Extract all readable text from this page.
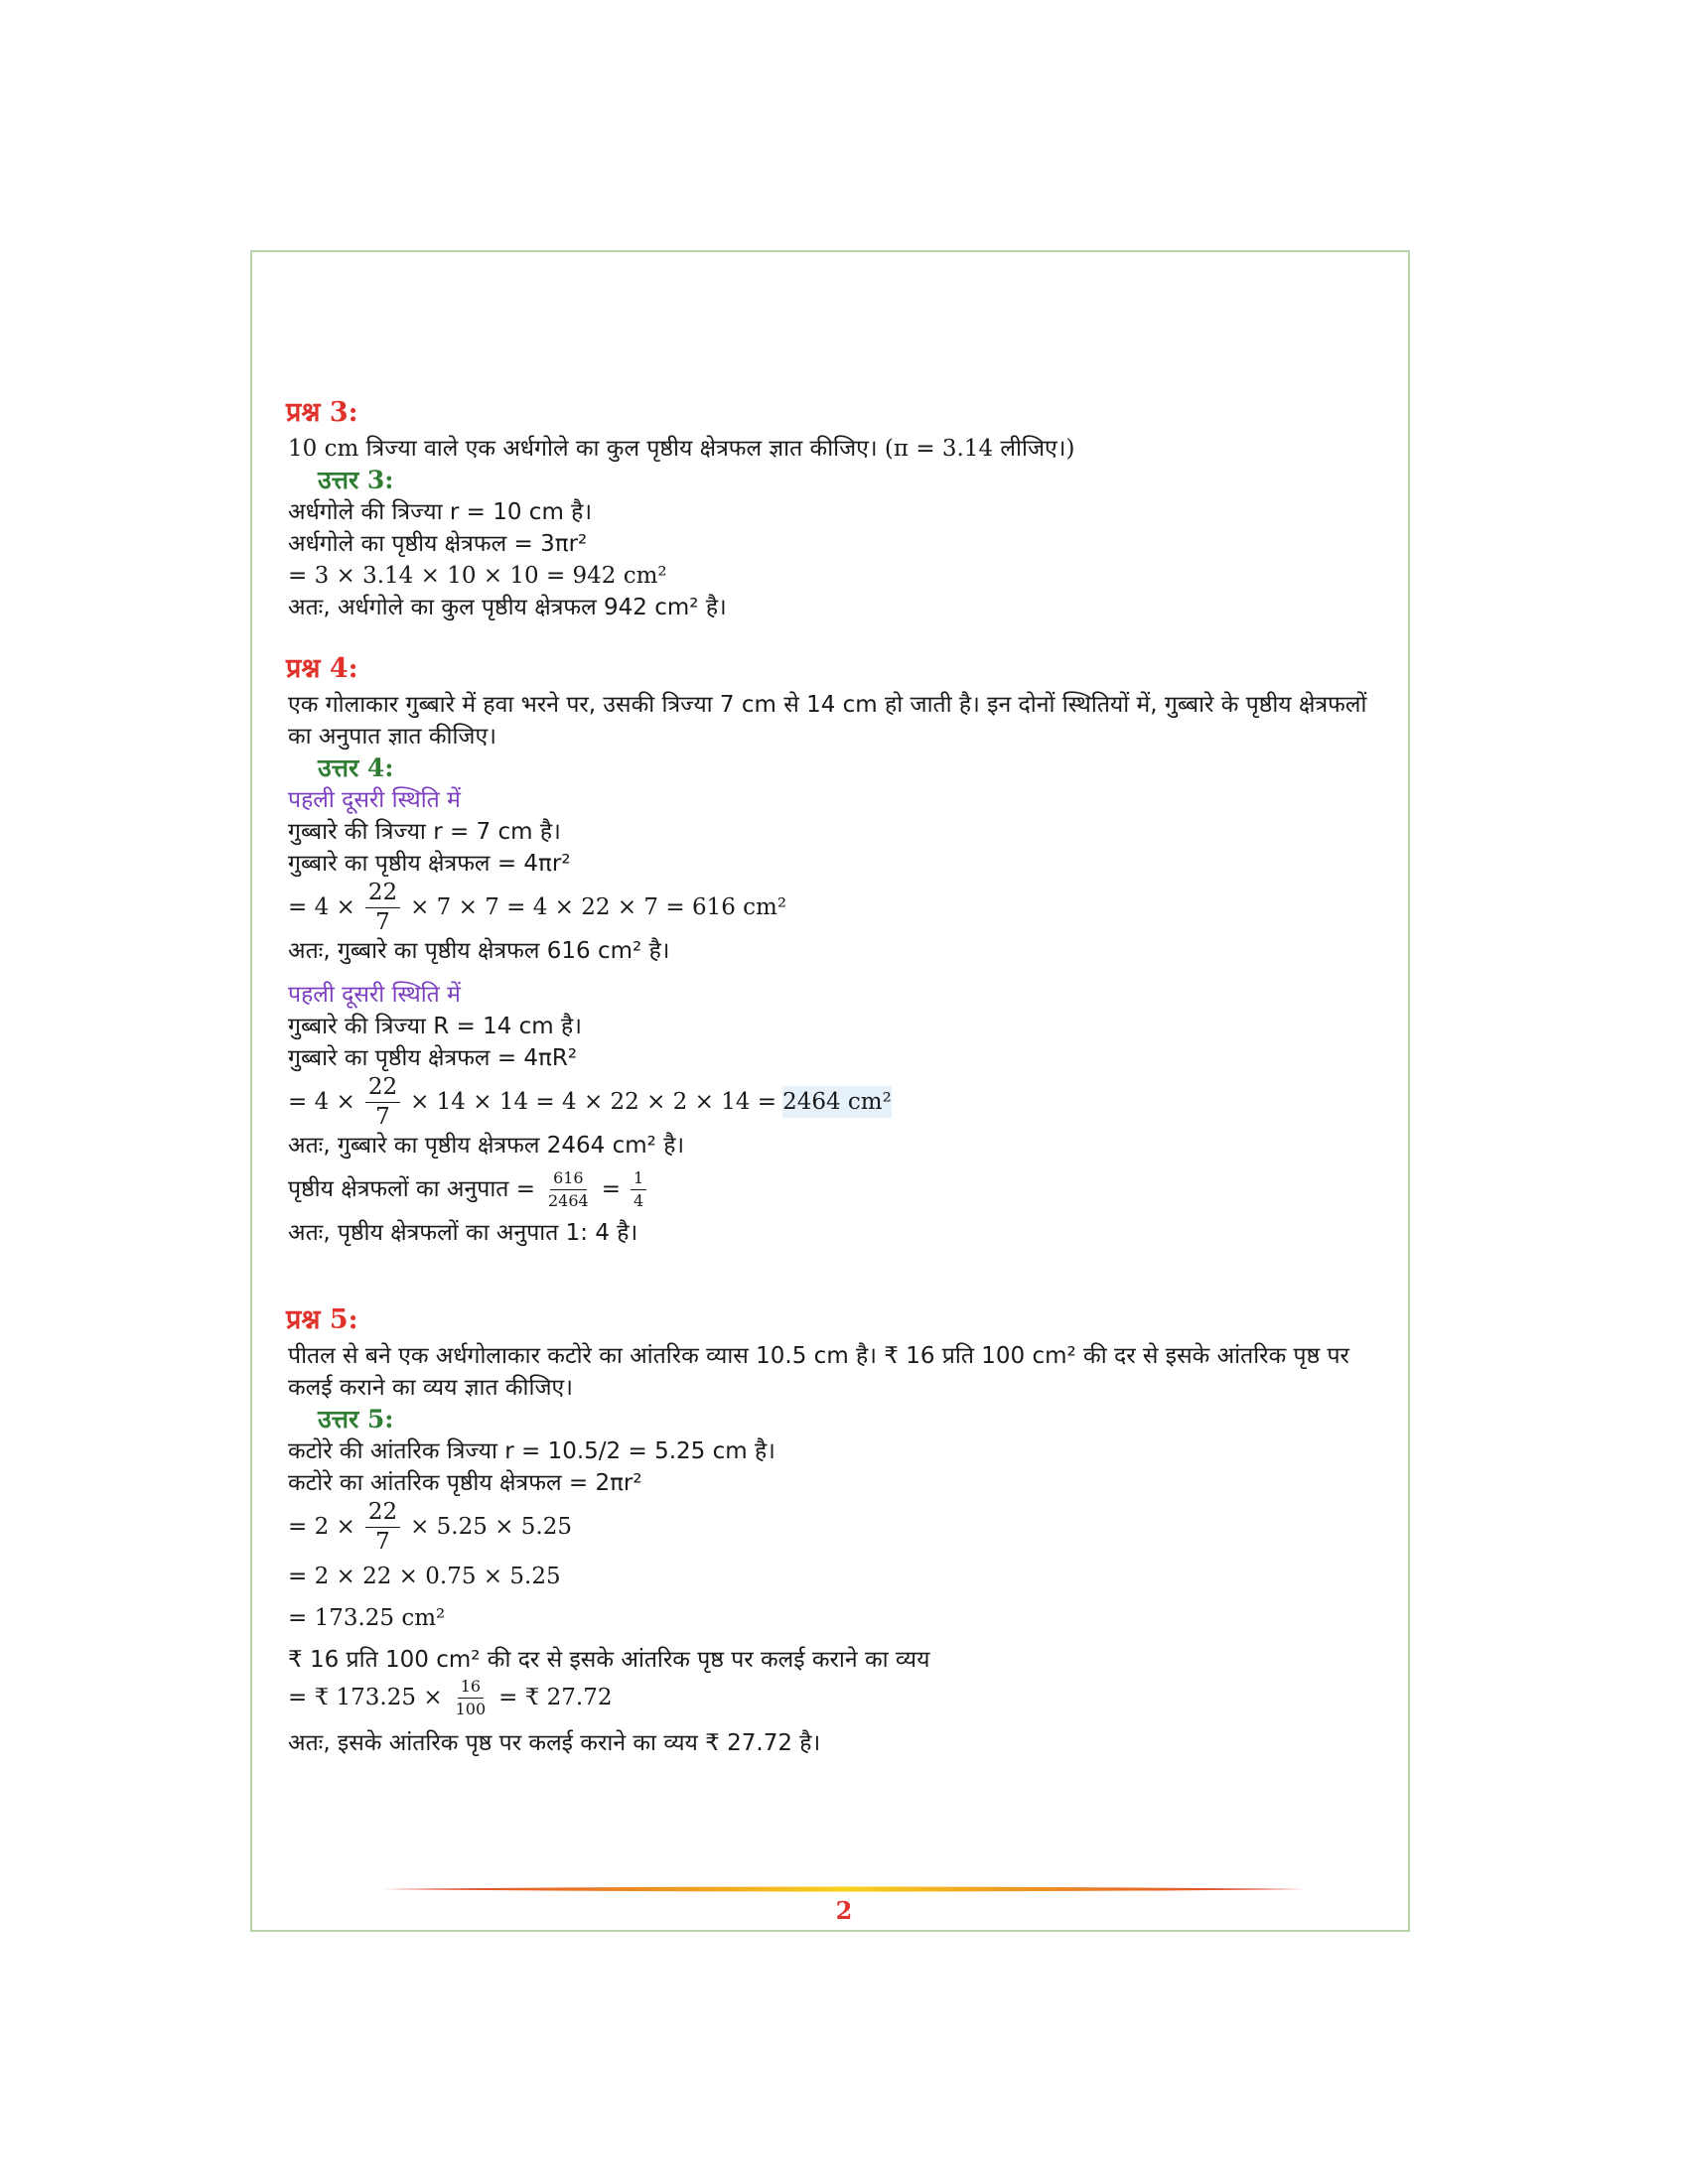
प्रश्न 3:
10 cm त्रिज्या वाले एक अर्धगोले का कुल पृष्ठीय क्षेत्रफल ज्ञात कीजिए। (π = 3.14 लीजिए।)
उत्तर 3:
अर्धगोले की त्रिज्या r = 10 cm है।
अर्धगोले का पृष्ठीय क्षेत्रफल = 3πr²
= 3 × 3.14 × 10 × 10 = 942 cm²
अतः, अर्धगोले का कुल पृष्ठीय क्षेत्रफल 942 cm² है।
प्रश्न 4:
एक गोलाकार गुब्बारे में हवा भरने पर, उसकी त्रिज्या 7 cm से 14 cm हो जाती है। इन दोनों स्थितियों में, गुब्बारे के पृष्ठीय क्षेत्रफलों का अनुपात ज्ञात कीजिए।
उत्तर 4:
पहली दूसरी स्थिति में
गुब्बारे की त्रिज्या r = 7 cm है।
गुब्बारे का पृष्ठीय क्षेत्रफल = 4πr²
= $4 \times \frac{22}{7} \times 7 \times 7 = 4 \times 22 \times 7 = 616$ cm²
अतः, गुब्बारे का पृष्ठीय क्षेत्रफल 616 cm² है।
पहली दूसरी स्थिति में
गुब्बारे की त्रिज्या R = 14 cm है।
गुब्बारे का पृष्ठीय क्षेत्रफल = 4πR²
= $4 \times \frac{22}{7} \times 14 \times 14 = 4 \times 22 \times 2 \times 14 = 2464$ cm²
अतः, गुब्बारे का पृष्ठीय क्षेत्रफल 2464 cm² है।
पृष्ठीय क्षेत्रफलों का अनुपात = $\frac{616}{2464} = \frac{1}{4}$
अतः, पृष्ठीय क्षेत्रफलों का अनुपात 1: 4 है।
प्रश्न 5:
पीतल से बने एक अर्धगोलाकार कटोरे का आंतरिक व्यास 10.5 cm है। ₹ 16 प्रति 100 cm² की दर से इसके आंतरिक पृष्ठ पर कलई कराने का व्यय ज्ञात कीजिए।
उत्तर 5:
कटोरे की आंतरिक त्रिज्या r = 10.5/2 = 5.25 cm है।
कटोरे का आंतरिक पृष्ठीय क्षेत्रफल = 2πr²
= $2 \times \frac{22}{7} \times 5.25 \times 5.25$
= 2 × 22 × 0.75 × 5.25
= 173.25 cm²
₹ 16 प्रति 100 cm² की दर से इसके आंतरिक पृष्ठ पर कलई कराने का व्यय
= ₹ $173.25 \times \frac{16}{100}$ = ₹ 27.72
अतः, इसके आंतरिक पृष्ठ पर कलई कराने का व्यय ₹ 27.72 है।
2
